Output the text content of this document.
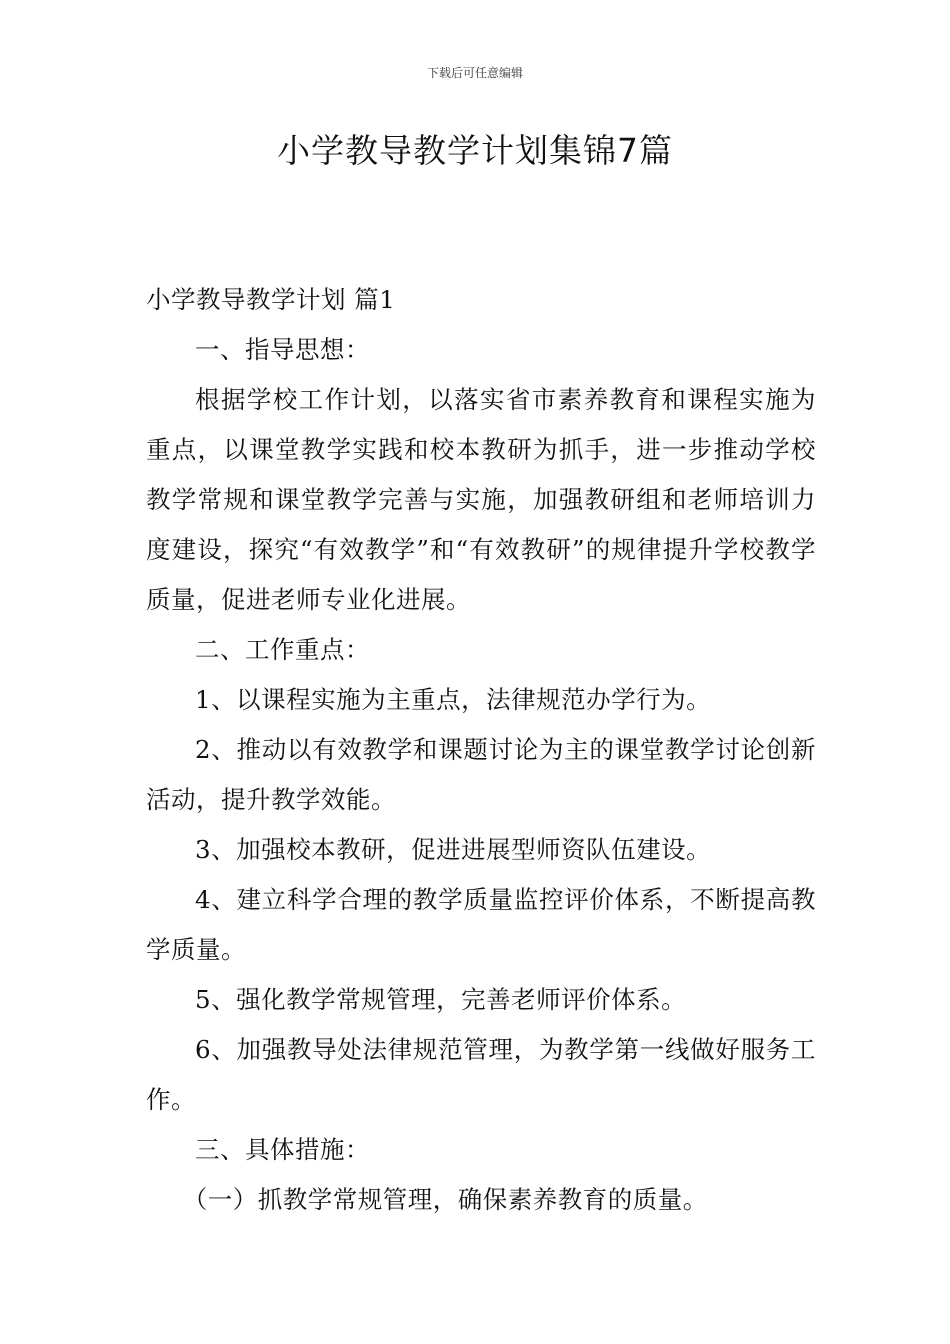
下载后可任意编辑
小学教导教学计划集锦7篇

小学教导教学计划 篇1

一、指导思想：

根据学校工作计划，以落实省市素养教育和课程实施为重点，以课堂教学实践和校本教研为抓手，进一步推动学校教学常规和课堂教学完善与实施，加强教研组和老师培训力度建设，探究“有效教学”和“有效教研”的规律提升学校教学质量，促进老师专业化进展。

二、工作重点：

1、以课程实施为主重点，法律规范办学行为。

2、推动以有效教学和课题讨论为主的课堂教学讨论创新活动，提升教学效能。

3、加强校本教研，促进进展型师资队伍建设。

4、建立科学合理的教学质量监控评价体系，不断提高教学质量。

5、强化教学常规管理，完善老师评价体系。

6、加强教导处法律规范管理，为教学第一线做好服务工作。

三、具体措施：

（一）抓教学常规管理，确保素养教育的质量。
